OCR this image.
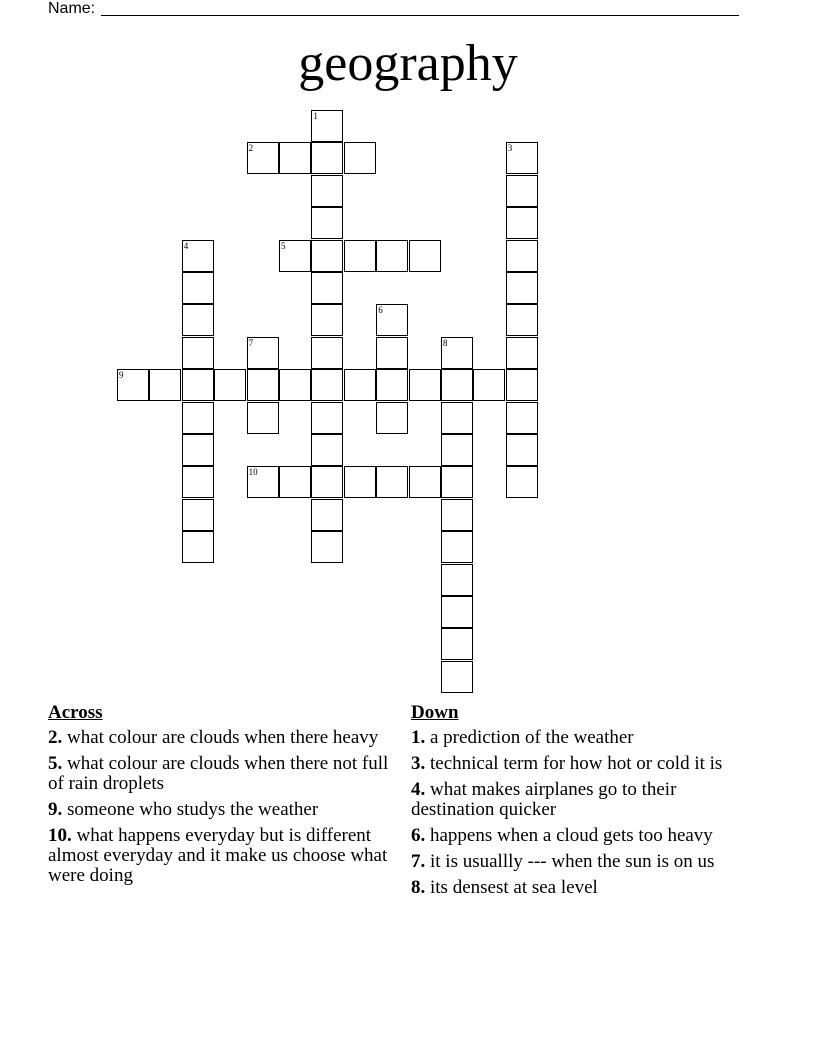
Name:
geography
1
2	3
4	5
6
7	8
9
10
Across
2. what colour are clouds when there heavy
5. what colour are clouds when there not full of rain droplets
9. someone who studys the weather
10. what happens everyday but is different almost everyday and it make us choose what were doing
Down
1. a prediction of the weather
3. technical term for how hot or cold it is
4. what makes airplanes go to their destination quicker
6. happens when a cloud gets too heavy
7. it is usuallly --- when the sun is on us
8. its densest at sea level
